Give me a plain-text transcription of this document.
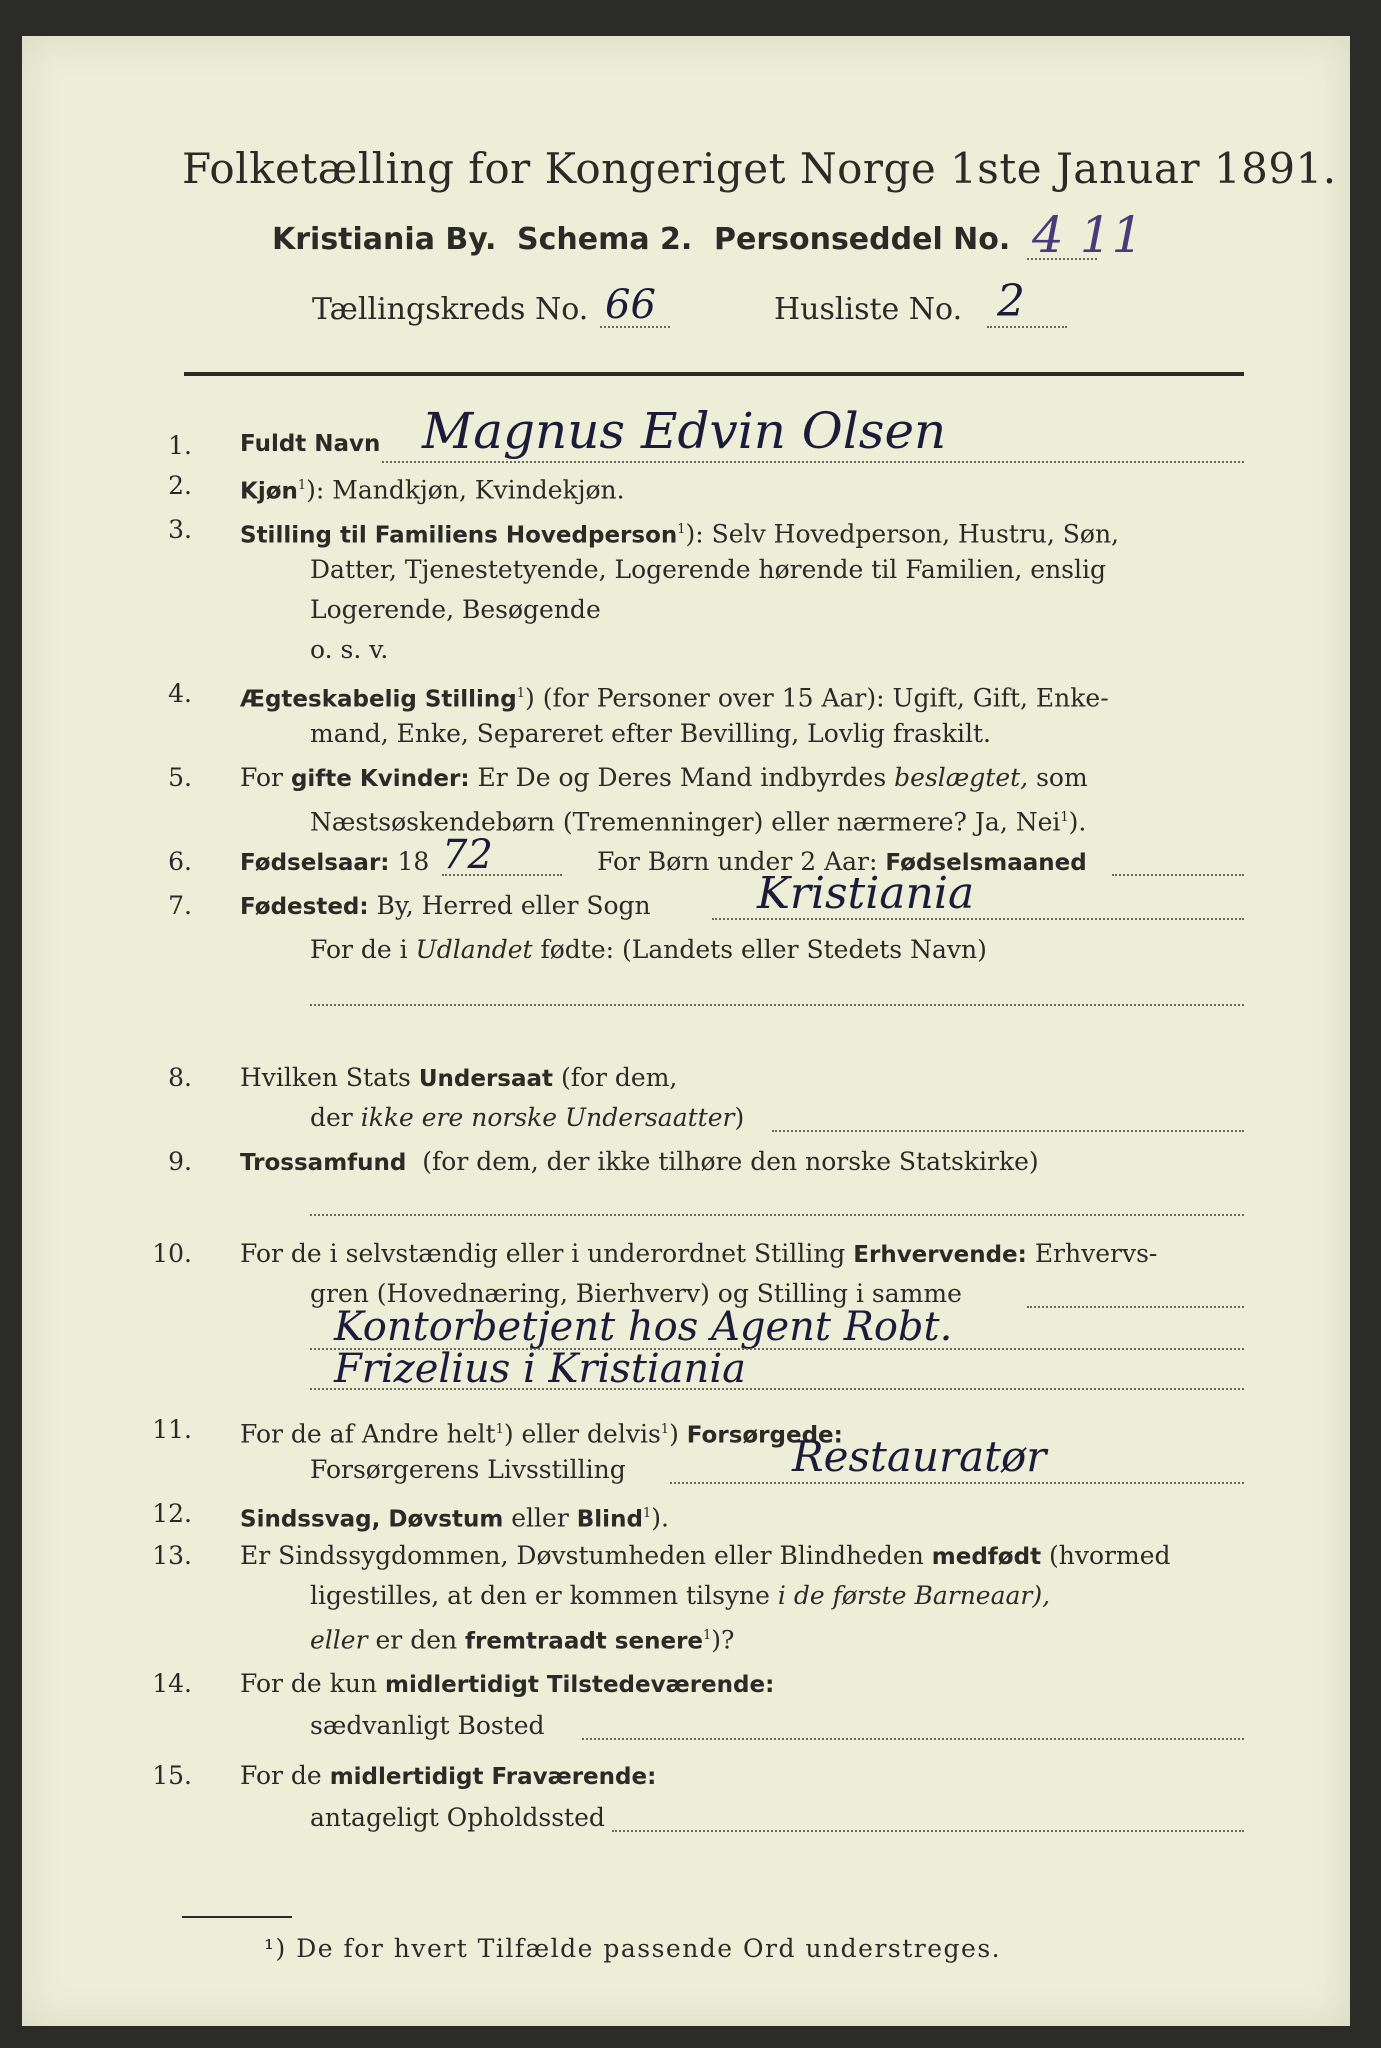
Folketælling for Kongeriget Norge 1ste Januar 1891.
Kristiania By. Schema 2. Personseddel No. 4 11
Tællingskreds No. 66	Husliste No. 2
1. Fuldt Navn Magnus Edvin Olsen
2. Kjøn$^1$): Mandkjøn, Kvindekjøn.
3. Stilling til Familiens Hovedperson$^1$): Selv Hovedperson, Hustru, Søn,
Datter, Tjenestetyende, Logerende hørende til Familien, enslig
Logerende, Besøgende
o. s. v.
4. Ægteskabelig Stilling$^1$) (for Personer over 15 Aar): Ugift, Gift, Enke-
mand, Enke, Separeret efter Bevilling, Lovlig fraskilt.
5. For gifte Kvinder: Er De og Deres Mand indbyrdes beslægtet, som
Næstsøskendebørn (Tremenninger) eller nærmere? Ja, Nei$^1$).
6. Fødselsaar: 18 72	For Børn under 2 Aar: Fødselsmaaned
7. Fødested: By, Herred eller Sogn Kristiania
For de i Udlandet fødte: (Landets eller Stedets Navn)
8. Hvilken Stats Undersaat (for dem,
der ikke ere norske Undersaatter)
9. Trossamfund (for dem, der ikke tilhøre den norske Statskirke)
10. For de i selvstændig eller i underordnet Stilling Erhvervende: Erhvervs-
gren (Hovednæring, Bierhverv) og Stilling i samme
Kontorbetjent hos Agent Robt.
Frizelius i Kristiania
11. For de af Andre helt$^1$) eller delvis$^1$) Forsørgede:
Forsørgerens Livsstilling	Restauratør
12. Sindssvag, Døvstum eller Blind$^1$).
13. Er Sindssygdommen, Døvstumheden eller Blindheden medfødt (hvormed
ligestilles, at den er kommen tilsyne i de første Barneaar),
eller er den fremtraadt senere$^1$)?
14. For de kun midlertidigt Tilstedeværende:
sædvanligt Bosted
15. For de midlertidigt Fraværende:
antageligt Opholdssted
¹) De for hvert Tilfælde passende Ord understreges.
